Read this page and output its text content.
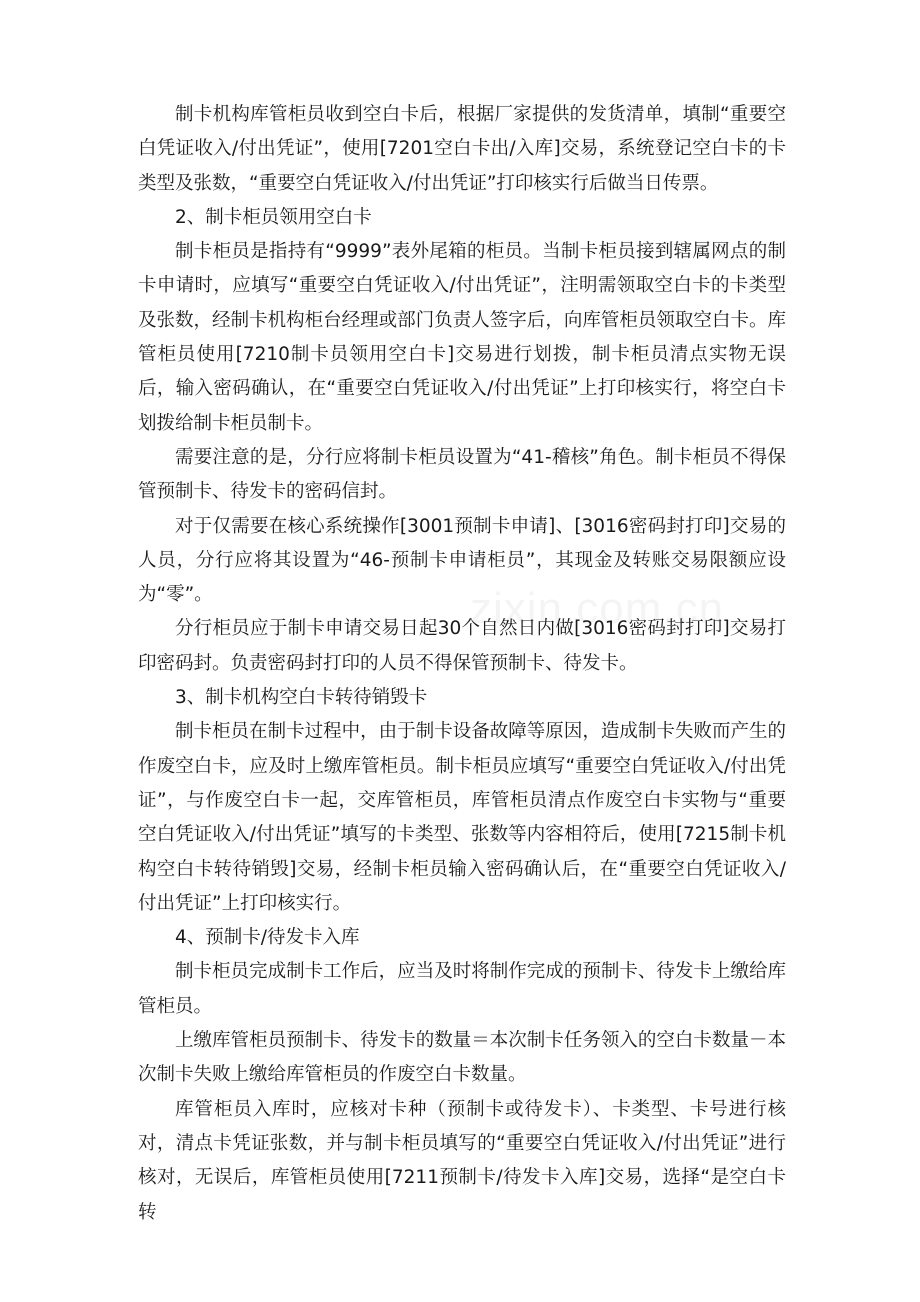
制卡机构库管柜员收到空白卡后，根据厂家提供的发货清单，填制“重要空白凭证收入/付出凭证”，使用[7201空白卡出/入库]交易，系统登记空白卡的卡类型及张数，“重要空白凭证收入/付出凭证”打印核实行后做当日传票。

2、制卡柜员领用空白卡

制卡柜员是指持有“9999”表外尾箱的柜员。当制卡柜员接到辖属网点的制卡申请时，应填写“重要空白凭证收入/付出凭证”，注明需领取空白卡的卡类型及张数，经制卡机构柜台经理或部门负责人签字后，向库管柜员领取空白卡。库管柜员使用[7210制卡员领用空白卡]交易进行划拨，制卡柜员清点实物无误后，输入密码确认，在“重要空白凭证收入/付出凭证”上打印核实行，将空白卡划拨给制卡柜员制卡。

需要注意的是，分行应将制卡柜员设置为“41-稽核”角色。制卡柜员不得保管预制卡、待发卡的密码信封。

对于仅需要在核心系统操作[3001预制卡申请]、[3016密码封打印]交易的人员，分行应将其设置为“46-预制卡申请柜员”，其现金及转账交易限额应设为“零”。

分行柜员应于制卡申请交易日起30个自然日内做[3016密码封打印]交易打印密码封。负责密码封打印的人员不得保管预制卡、待发卡。

3、制卡机构空白卡转待销毁卡

制卡柜员在制卡过程中，由于制卡设备故障等原因，造成制卡失败而产生的作废空白卡，应及时上缴库管柜员。制卡柜员应填写“重要空白凭证收入/付出凭证”，与作废空白卡一起，交库管柜员，库管柜员清点作废空白卡实物与“重要空白凭证收入/付出凭证”填写的卡类型、张数等内容相符后，使用[7215制卡机构空白卡转待销毁]交易，经制卡柜员输入密码确认后，在“重要空白凭证收入/付出凭证”上打印核实行。

4、预制卡/待发卡入库

制卡柜员完成制卡工作后，应当及时将制作完成的预制卡、待发卡上缴给库管柜员。

上缴库管柜员预制卡、待发卡的数量＝本次制卡任务领入的空白卡数量－本次制卡失败上缴给库管柜员的作废空白卡数量。

库管柜员入库时，应核对卡种（预制卡或待发卡）、卡类型、卡号进行核对，清点卡凭证张数，并与制卡柜员填写的“重要空白凭证收入/付出凭证”进行核对，无误后，库管柜员使用[7211预制卡/待发卡入库]交易，选择“是空白卡转
